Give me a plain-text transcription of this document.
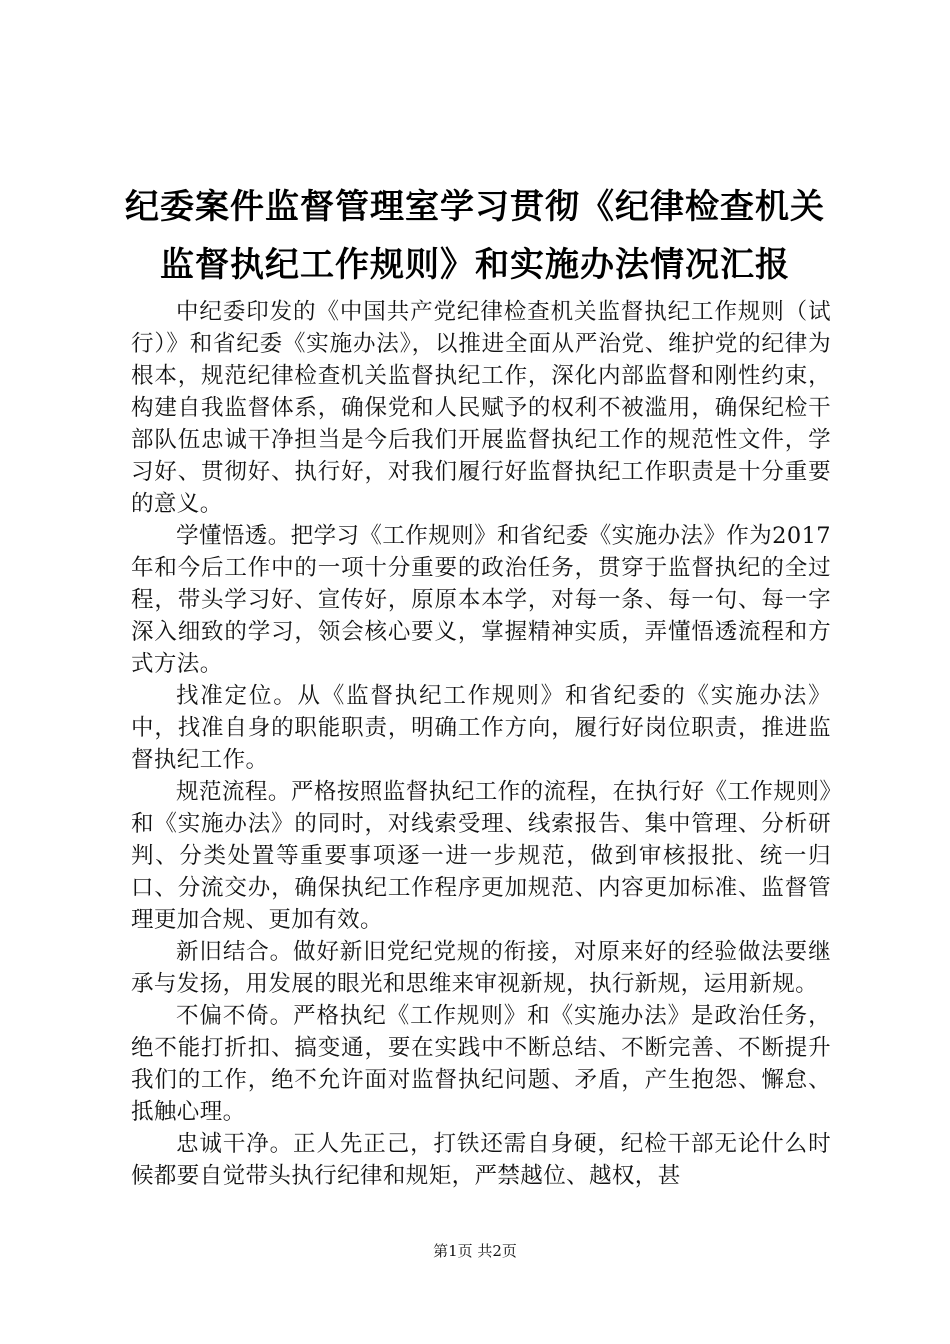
纪委案件监督管理室学习贯彻《纪律检查机关
监督执纪工作规则》和实施办法情况汇报

中纪委印发的《中国共产党纪律检查机关监督执纪工作规则（试行）》和省纪委《实施办法》，以推进全面从严治党、维护党的纪律为根本，规范纪律检查机关监督执纪工作，深化内部监督和刚性约束，构建自我监督体系，确保党和人民赋予的权利不被滥用，确保纪检干部队伍忠诚干净担当是今后我们开展监督执纪工作的规范性文件，学习好、贯彻好、执行好，对我们履行好监督执纪工作职责是十分重要的意义。

学懂悟透。把学习《工作规则》和省纪委《实施办法》作为2017年和今后工作中的一项十分重要的政治任务，贯穿于监督执纪的全过程，带头学习好、宣传好，原原本本学，对每一条、每一句、每一字深入细致的学习，领会核心要义，掌握精神实质，弄懂悟透流程和方式方法。

找准定位。从《监督执纪工作规则》和省纪委的《实施办法》中，找准自身的职能职责，明确工作方向，履行好岗位职责，推进监督执纪工作。

规范流程。严格按照监督执纪工作的流程，在执行好《工作规则》和《实施办法》的同时，对线索受理、线索报告、集中管理、分析研判、分类处置等重要事项逐一进一步规范，做到审核报批、统一归口、分流交办，确保执纪工作程序更加规范、内容更加标准、监督管理更加合规、更加有效。

新旧结合。做好新旧党纪党规的衔接，对原来好的经验做法要继承与发扬，用发展的眼光和思维来审视新规，执行新规，运用新规。

不偏不倚。严格执纪《工作规则》和《实施办法》是政治任务，绝不能打折扣、搞变通，要在实践中不断总结、不断完善、不断提升我们的工作，绝不允许面对监督执纪问题、矛盾，产生抱怨、懈怠、抵触心理。

忠诚干净。正人先正己，打铁还需自身硬，纪检干部无论什么时候都要自觉带头执行纪律和规矩，严禁越位、越权，甚

第1页 共2页
